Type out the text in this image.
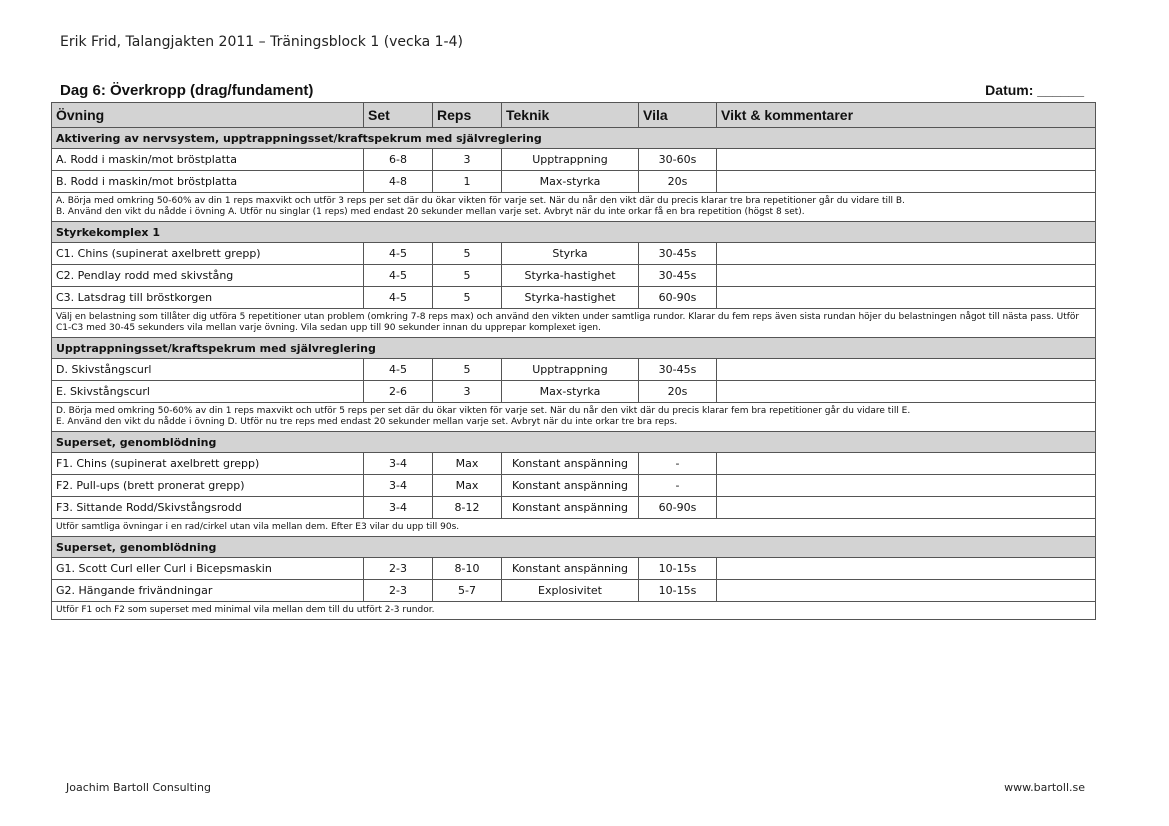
Erik Frid, Talangjakten 2011 – Träningsblock 1 (vecka 1-4)
Dag 6: Överkropp (drag/fundament)	Datum: ______
Övning	Set	Reps	Teknik	Vila	Vikt & kommentarer
Aktivering av nervsystem, upptrappningsset/kraftspekrum med självreglering					
A. Rodd i maskin/mot bröstplatta	6-8	3	Upptrappning	30-60s	
B. Rodd i maskin/mot bröstplatta	4-8	1	Max-styrka	20s	

A. Börja med omkring 50-60% av din 1 reps maxvikt och utför 3 reps per set där du ökar vikten för varje set. När du når den vikt där du precis klarar tre bra repetitioner går du vidare till B.
B. Använd den vikt du nådde i övning A. Utför nu singlar (1 reps) med endast 20 sekunder mellan varje set. Avbryt när du inte orkar få en bra repetition (högst 8 set).					

Styrkekomplex 1					
C1. Chins (supinerat axelbrett grepp)	4-5	5	Styrka	30-45s	
C2. Pendlay rodd med skivstång	4-5	5	Styrka-hastighet	30-45s	
C3. Latsdrag till bröstkorgen	4-5	5	Styrka-hastighet	60-90s	

Välj en belastning som tillåter dig utföra 5 repetitioner utan problem (omkring 7-8 reps max) och använd den vikten under samtliga rundor. Klarar du fem reps även sista rundan höjer du belastningen något till nästa pass. Utför C1-C3 med 30-45 sekunders vila mellan varje övning. Vila sedan upp till 90 sekunder innan du upprepar komplexet igen.					

Upptrappningsset/kraftspekrum med självreglering					
D. Skivstångscurl	4-5	5	Upptrappning	30-45s	
E. Skivstångscurl	2-6	3	Max-styrka	20s	

D. Börja med omkring 50-60% av din 1 reps maxvikt och utför 5 reps per set där du ökar vikten för varje set. När du når den vikt där du precis klarar fem bra repetitioner går du vidare till E.
E. Använd den vikt du nådde i övning D. Utför nu tre reps med endast 20 sekunder mellan varje set. Avbryt när du inte orkar tre bra reps.					

Superset, genomblödning					
F1. Chins (supinerat axelbrett grepp)	3-4	Max	Konstant anspänning	-	
F2. Pull-ups (brett pronerat grepp)	3-4	Max	Konstant anspänning	-	
F3. Sittande Rodd/Skivstångsrodd	3-4	8-12	Konstant anspänning	60-90s	

Utför samtliga övningar i en rad/cirkel utan vila mellan dem. Efter E3 vilar du upp till 90s.					

Superset, genomblödning					
G1. Scott Curl eller Curl i Bicepsmaskin	2-3	8-10	Konstant anspänning	10-15s	
G2. Hängande frivändningar	2-3	5-7	Explosivitet	10-15s	

Utför F1 och F2 som superset med minimal vila mellan dem till du utfört 2-3 rundor.					
Joachim Bartoll Consulting	www.bartoll.se
